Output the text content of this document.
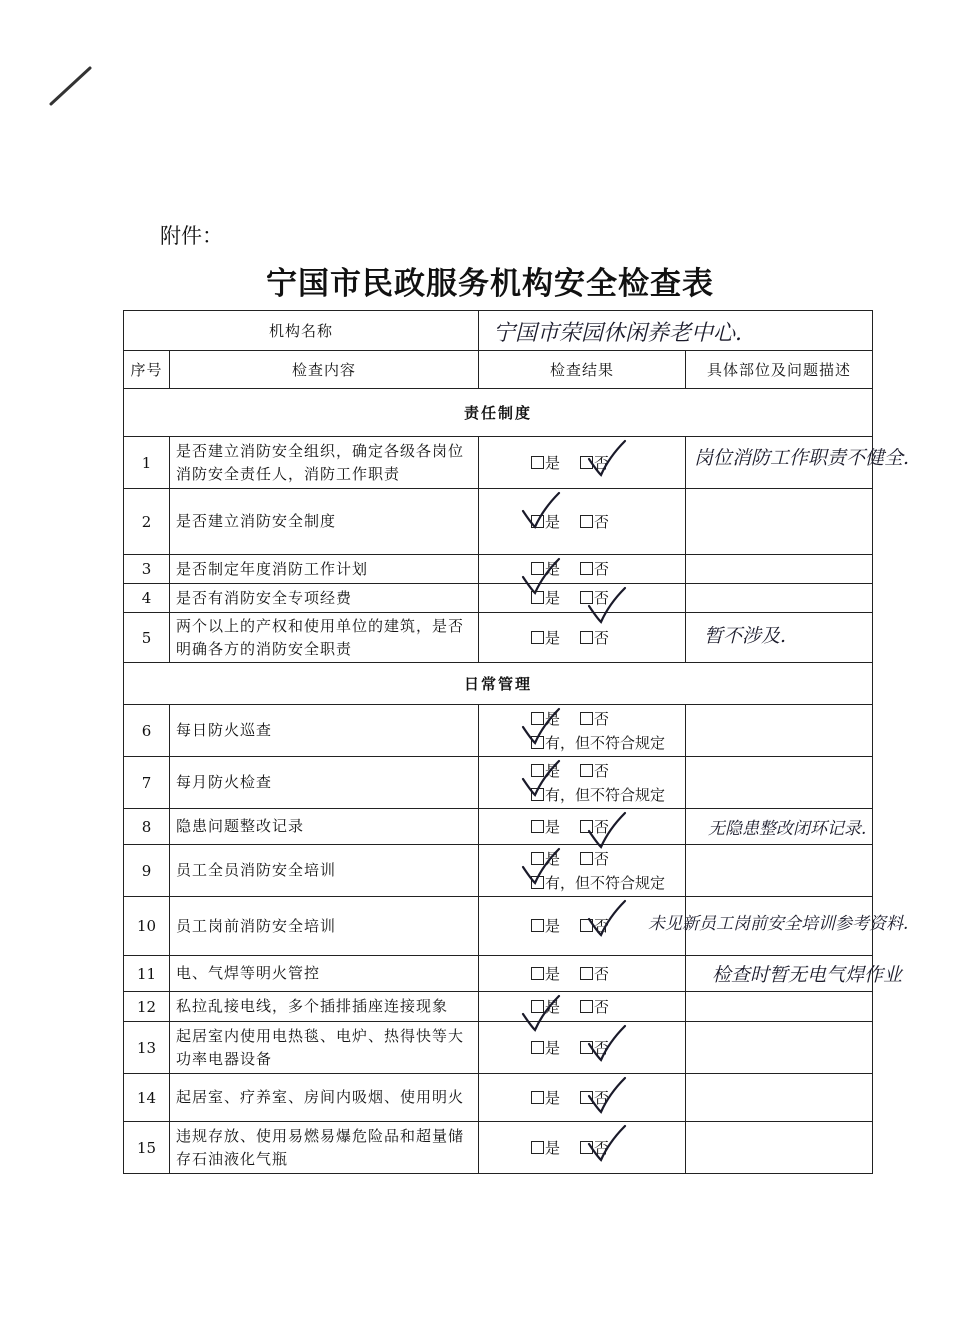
附件：
宁国市民政服务机构安全检查表
机构名称		宁国市荣园休闲养老中心.	

序号	检查内容	检查结果	具体部位及问题描述
责任制度			
1	是否建立消防安全组织，确定各级各岗位消防安全责任人，消防工作职责	是 否	岗位消防工作职责不健全.

2	是否建立消防安全制度	是 否	

3	是否制定年度消防工作计划	是 否	

4	是否有消防安全专项经费	是 否	

5	两个以上的产权和使用单位的建筑，是否明确各方的消防安全职责	是 否	暂不涉及.

日常管理			
6	每日防火巡查	是 否
有，但不符合规定	

7	每月防火检查	是 否
有，但不符合规定	

8	隐患问题整改记录	是 否	无隐患整改闭环记录.

9	员工全员消防安全培训	是 否
有，但不符合规定	

10	员工岗前消防安全培训	是 否	未见新员工岗前安全培训参考资料.

11	电、气焊等明火管控	是 否	检查时暂无电气焊作业

12	私拉乱接电线，多个插排插座连接现象	是 否	

13	起居室内使用电热毯、电炉、热得快等大功率电器设备	是 否	

14	起居室、疗养室、房间内吸烟、使用明火	是 否	

15	违规存放、使用易燃易爆危险品和超量储存石油液化气瓶	是 否	
